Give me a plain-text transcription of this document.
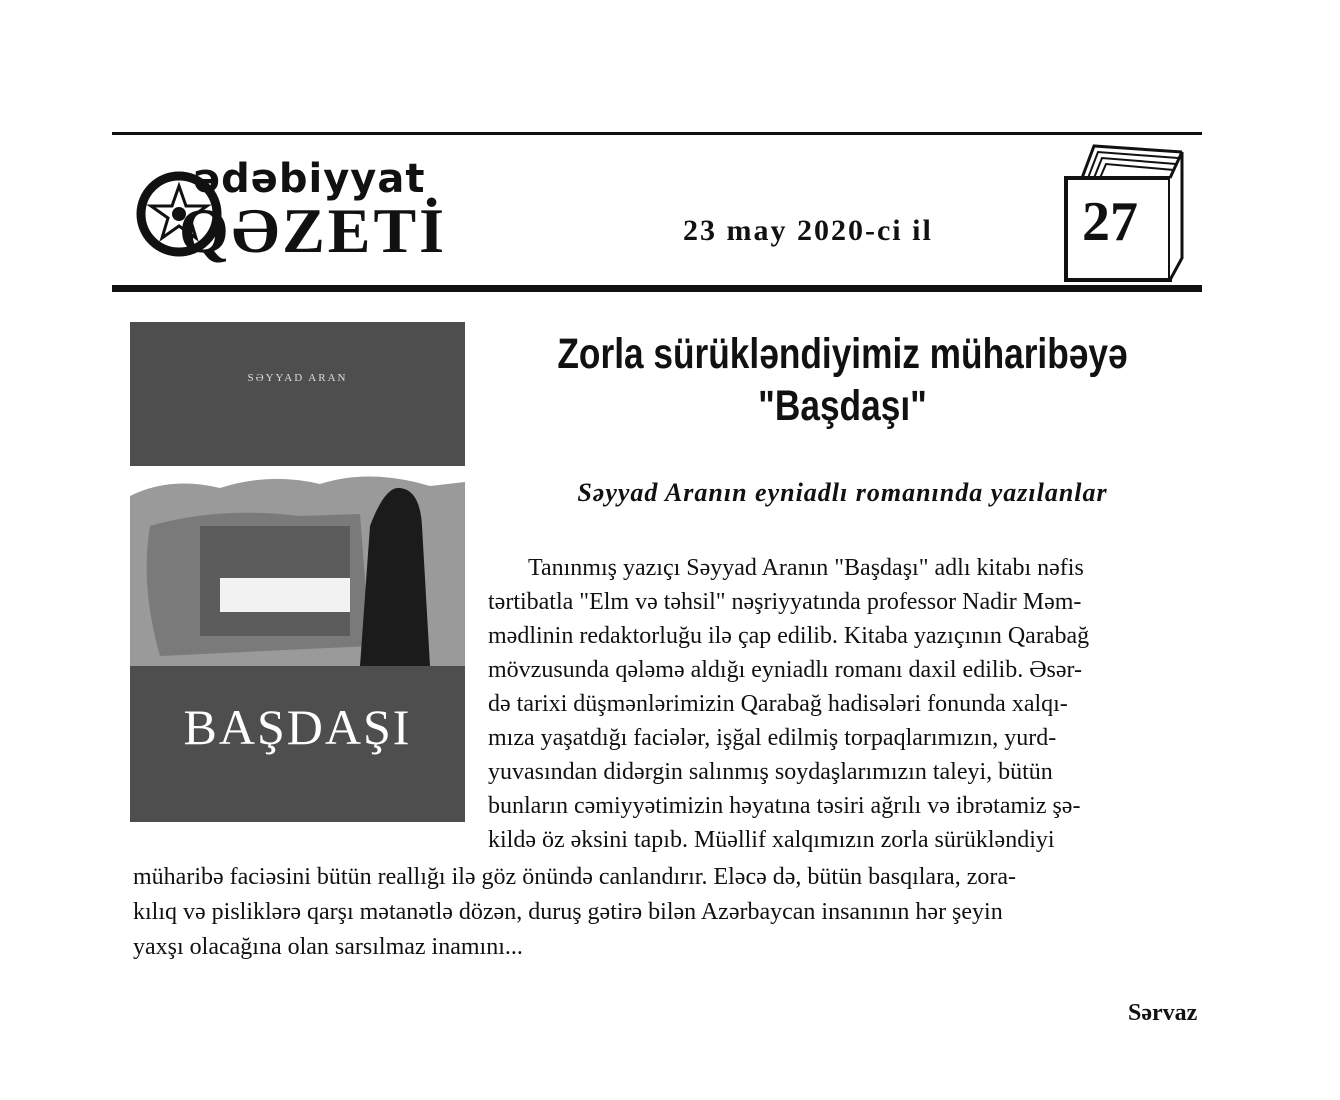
ədəbiyyat
QƏZETİ	23 may 2020-ci il	27
SƏYYAD ARAN
BAŞDAŞI
Zorla sürükləndiyimiz müharibəyə
"Başdaşı"
Səyyad Aranın eyniadlı romanında yazılanlar
Tanınmış yazıçı Səyyad Aranın "Başdaşı" adlı kitabı nəfis
tərtibatla "Elm və təhsil" nəşriyyatında professor Nadir Məm-
mədlinin redaktorluğu ilə çap edilib. Kitaba yazıçının Qarabağ
mövzusunda qələmə aldığı eyniadlı romanı daxil edilib. Əsər-
də tarixi düşmənlərimizin Qarabağ hadisələri fonunda xalqı-
mıza yaşatdığı faciələr, işğal edilmiş torpaqlarımızın, yurd-
yuvasından didərgin salınmış soydaşlarımızın taleyi, bütün
bunların cəmiyyətimizin həyatına təsiri ağrılı və ibrətamiz şə-
kildə öz əksini tapıb. Müəllif xalqımızın zorla sürükləndiyi
müharibə faciəsini bütün reallığı ilə göz önündə canlandırır. Eləcə də, bütün basqılara, zora-
kılıq və pisliklərə qarşı mətanətlə dözən, duruş gətirə bilən Azərbaycan insanının hər şeyin
yaxşı olacağına olan sarsılmaz inamını...
Sərvaz
